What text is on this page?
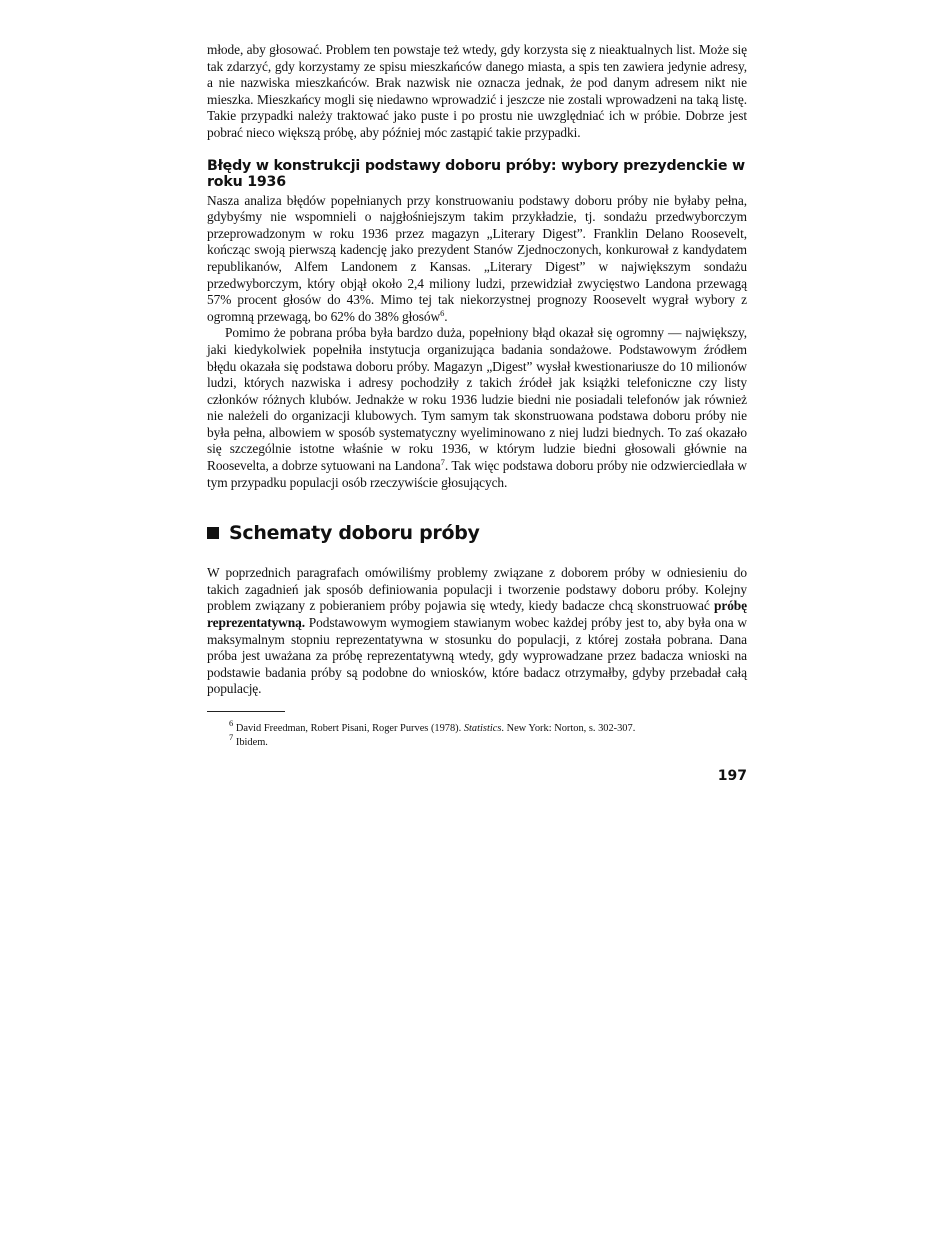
młode, aby głosować. Problem ten powstaje też wtedy, gdy korzysta się z nieaktualnych list. Może się tak zdarzyć, gdy korzystamy ze spisu mieszkańców danego miasta, a spis ten zawiera jedynie adresy, a nie nazwiska mieszkańców. Brak nazwisk nie oznacza jednak, że pod danym adresem nikt nie mieszka. Mieszkańcy mogli się niedawno wprowadzić i jeszcze nie zostali wprowadzeni na taką listę. Takie przypadki należy traktować jako puste i po prostu nie uwzględniać ich w próbie. Dobrze jest pobrać nieco większą próbę, aby później móc zastąpić takie przypadki.

Błędy w konstrukcji podstawy doboru próby: wybory prezydenckie w roku 1936

Nasza analiza błędów popełnianych przy konstruowaniu podstawy doboru próby nie byłaby pełna, gdybyśmy nie wspomnieli o najgłośniejszym takim przykładzie, tj. sondażu przedwyborczym przeprowadzonym w roku 1936 przez magazyn „Literary Digest”. Franklin Delano Roosevelt, kończąc swoją pierwszą kadencję jako prezydent Stanów Zjednoczonych, konkurował z kandydatem republikanów, Alfem Landonem z Kansas. „Literary Digest” w największym sondażu przedwyborczym, który objął około 2,4 miliony ludzi, przewidział zwycięstwo Landona przewagą 57% procent głosów do 43%. Mimo tej tak niekorzystnej prognozy Roosevelt wygrał wybory z ogromną przewagą, bo 62% do 38% głosów$^6$.

Pomimo że pobrana próba była bardzo duża, popełniony błąd okazał się ogromny — największy, jaki kiedykolwiek popełniła instytucja organizująca badania sondażowe. Podstawowym źródłem błędu okazała się podstawa doboru próby. Magazyn „Digest” wysłał kwestionariusze do 10 milionów ludzi, których nazwiska i adresy pochodziły z takich źródeł jak książki telefoniczne czy listy członków różnych klubów. Jednakże w roku 1936 ludzie biedni nie posiadali telefonów jak również nie należeli do organizacji klubowych. Tym samym tak skonstruowana podstawa doboru próby nie była pełna, albowiem w sposób systematyczny wyeliminowano z niej ludzi biednych. To zaś okazało się szczególnie istotne właśnie w roku 1936, w którym ludzie biedni głosowali głównie na Roosevelta, a dobrze sytuowani na Landona$^7$. Tak więc podstawa doboru próby nie odzwierciedlała w tym przypadku populacji osób rzeczywiście głosujących.

Schematy doboru próby

W poprzednich paragrafach omówiliśmy problemy związane z doborem próby w odniesieniu do takich zagadnień jak sposób definiowania populacji i tworzenie podstawy doboru próby. Kolejny problem związany z pobieraniem próby pojawia się wtedy, kiedy badacze chcą skonstruować próbę reprezentatywną. Podstawowym wymogiem stawianym wobec każdej próby jest to, aby była ona w maksymalnym stopniu reprezentatywna w stosunku do populacji, z której została pobrana. Dana próba jest uważana za próbę reprezentatywną wtedy, gdy wyprowadzane przez badacza wnioski na podstawie badania próby są podobne do wniosków, które badacz otrzymałby, gdyby przebadał całą populację.

$^6$ David Freedman, Robert Pisani, Roger Purves (1978). Statistics. New York: Norton, s. 302-307.

$^7$ Ibidem.

197
